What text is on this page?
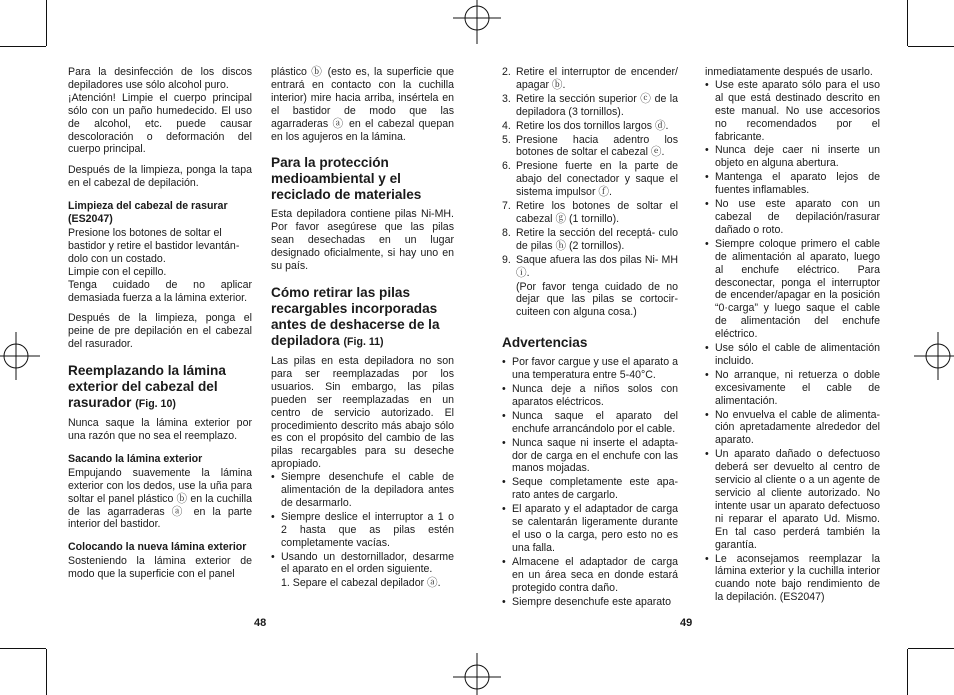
Para la desinfección de los discos depiladores use sólo alcohol puro.

¡Atención! Limpie el cuerpo principal sólo con un paño humedecido. El uso de alcohol, etc. puede causar descoloración o deformación del cuerpo principal.

Después de la limpieza, ponga la tapa en el cabezal de depilación.

Limpieza del cabezal de rasurar (ES2047)

Presione los botones de soltar el bastidor y retire el bastidor levantán- dolo con un costado.

Limpie con el cepillo.

Tenga cuidado de no aplicar demasiada fuerza a la lámina exterior.

Después de la limpieza, ponga el peine de pre depilación en el cabezal del rasurador.

Reemplazando la lámina exterior del cabezal del rasurador (Fig. 10)

Nunca saque la lámina exterior por una razón que no sea el reemplazo.

Sacando la lámina exterior

Empujando suavemente la lámina exterior con los dedos, use la uña para soltar el panel plástico ⓑ en la cuchilla de las agarraderas ⓐ en la parte interior del bastidor.

Colocando la nueva lámina exterior

Sosteniendo la lámina exterior de modo que la superficie con el panel

plástico ⓑ (esto es, la superficie que entrará en contacto con la cuchilla interior) mire hacia arriba, insértela en el bastidor de modo que las agarraderas ⓐ en el cabezal quepan en los agujeros en la lámina.

Para la protección medioambiental y el reciclado de materiales

Esta depiladora contiene pilas Ni-MH. Por favor asegúrese que las pilas sean desechadas en un lugar designado oficialmente, si hay uno en su país.

Cómo retirar las pilas recargables incorporadas antes de deshacerse de la depiladora (Fig. 11)

Las pilas en esta depiladora no son para ser reemplazadas por los usuarios. Sin embargo, las pilas pueden ser reemplazadas en un centro de servicio autorizado. El procedimiento descrito más abajo sólo es con el propósito del cambio de las pilas recargables para su deseche apropiado.

• Siempre desenchufe el cable de alimentación de la depiladora antes de desarmarlo.
• Siempre deslice el interruptor a 1 o 2 hasta que as pilas estén completamente vacías.
• Usando un destornillador, desarme el aparato en el orden siguiente.
1. Separe el cabezal depilador ⓐ.
2. Retire el interruptor de encender/ apagar ⓑ.
3. Retire la sección superior ⓒ de la depiladora (3 tornillos).
4. Retire los dos tornillos largos ⓓ.
5. Presione hacia adentro los botones de soltar el cabezal ⓔ.
6. Presione fuerte en la parte de abajo del conectador y saque el sistema impulsor ⓕ.
7. Retire los botones de soltar el cabezal ⓖ (1 tornillo).
8. Retire la sección del receptá- culo de pilas ⓗ (2 tornillos).
9. Saque afuera las dos pilas Ni- MH ⓘ.

(Por favor tenga cuidado de no dejar que las pilas se cortocir- cuiteen con alguna cosa.)

Advertencias
• Por favor cargue y use el aparato a una temperatura entre 5-40°C.
• Nunca deje a niños solos con aparatos eléctricos.
• Nunca saque el aparato del enchufe arrancándolo por el cable.
• Nunca saque ni inserte el adapta- dor de carga en el enchufe con las manos mojadas.
• Seque completamente este apa- rato antes de cargarlo.
• El aparato y el adaptador de carga se calentarán ligeramente durante el uso o la carga, pero esto no es una falla.
• Almacene el adaptador de carga en un área seca en donde estará protegido contra daño.
• Siempre desenchufe este aparato

inmediatamente después de usarlo.

• Use este aparato sólo para el uso al que está destinado descrito en este manual. No use accesorios no recomendados por el fabricante.
• Nunca deje caer ni inserte un objeto en alguna abertura.
• Mantenga el aparato lejos de fuentes inflamables.
• No use este aparato con un cabezal de depilación/rasurar dañado o roto.
• Siempre coloque primero el cable de alimentación al aparato, luego al enchufe eléctrico. Para desconectar, ponga el interruptor de encender/apagar en la posición “0·carga” y luego saque el cable de alimentación del enchufe eléctrico.
• Use sólo el cable de alimentación incluido.
• No arranque, ni retuerza o doble excesivamente el cable de alimentación.
• No envuelva el cable de alimenta- ción apretadamente alrededor del aparato.
• Un aparato dañado o defectuoso deberá ser devuelto al centro de servicio al cliente o a un agente de servicio al cliente autorizado. No intente usar un aparato defectuoso ni reparar el aparato Ud. Mismo. En tal caso perderá también la garantía.
• Le aconsejamos reemplazar la lámina exterior y la cuchilla interior cuando note bajo rendimiento de la depilación. (ES2047)
48	49
